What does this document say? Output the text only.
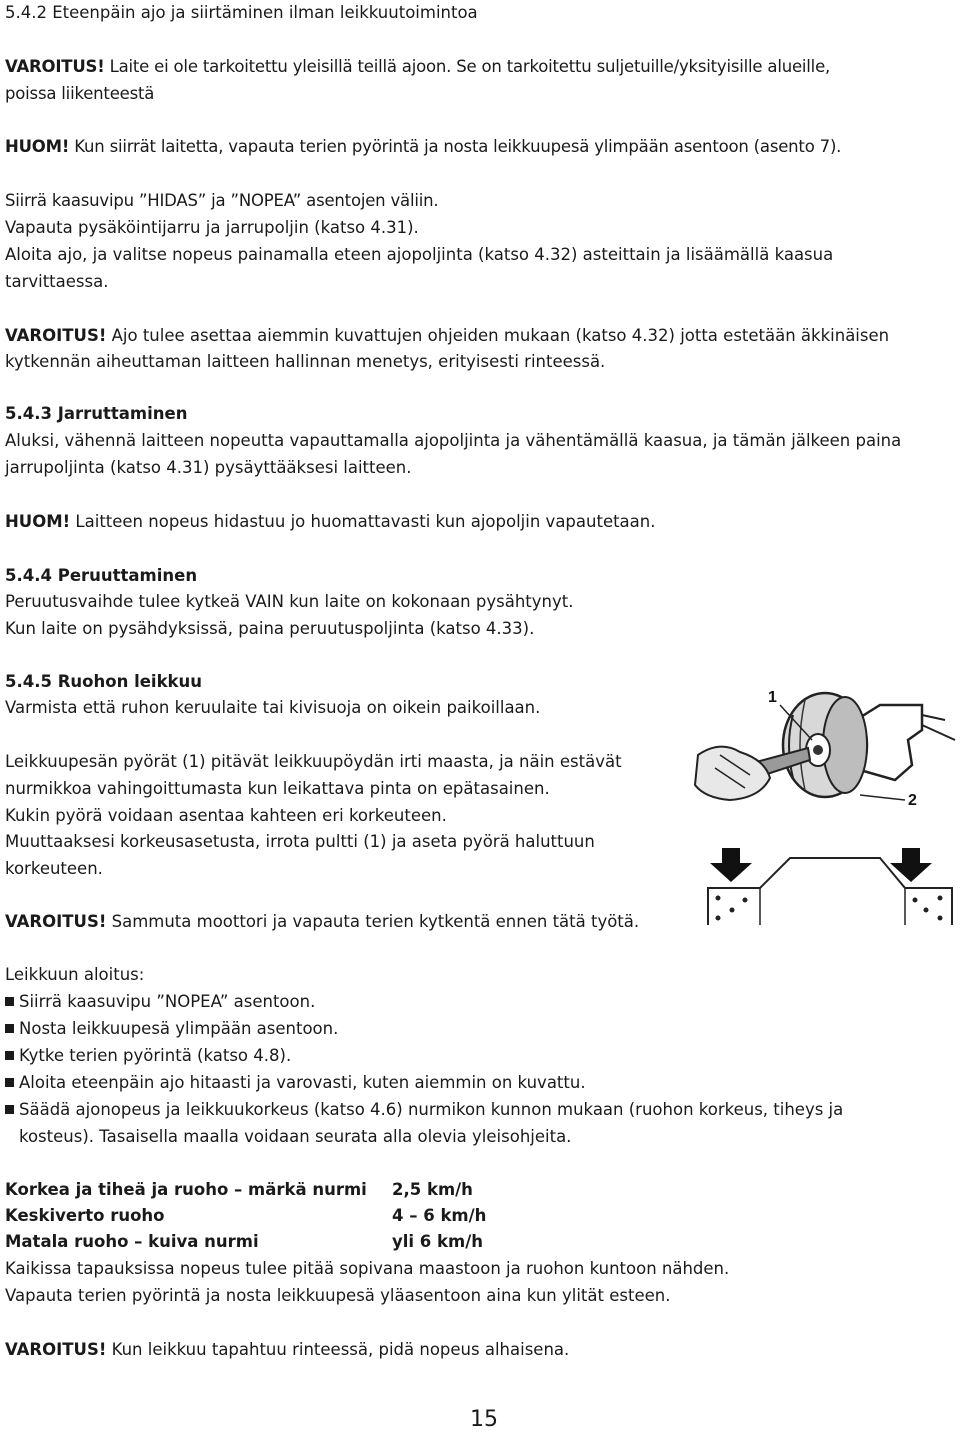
5.4.2 Eteenpäin ajo ja siirtäminen ilman leikkuutoimintoa
VAROITUS! Laite ei ole tarkoitettu yleisillä teillä ajoon. Se on tarkoitettu suljetuille/yksityisille alueille,
poissa liikenteestä
HUOM! Kun siirrät laitetta, vapauta terien pyörintä ja nosta leikkuupesä ylimpään asentoon (asento 7).
Siirrä kaasuvipu ”HIDAS” ja ”NOPEA” asentojen väliin.
Vapauta pysäköintijarru ja jarrupoljin (katso 4.31).
Aloita ajo, ja valitse nopeus painamalla eteen ajopoljinta (katso 4.32) asteittain ja lisäämällä kaasua
tarvittaessa.
VAROITUS! Ajo tulee asettaa aiemmin kuvattujen ohjeiden mukaan (katso 4.32) jotta estetään äkkinäisen
kytkennän aiheuttaman laitteen hallinnan menetys, erityisesti rinteessä.
5.4.3 Jarruttaminen
Aluksi, vähennä laitteen nopeutta vapauttamalla ajopoljinta ja vähentämällä kaasua, ja tämän jälkeen paina
jarrupoljinta (katso 4.31) pysäyttääksesi laitteen.
HUOM! Laitteen nopeus hidastuu jo huomattavasti kun ajopoljin vapautetaan.
5.4.4 Peruuttaminen
Peruutusvaihde tulee kytkeä VAIN kun laite on kokonaan pysähtynyt.
Kun laite on pysähdyksissä, paina peruutuspoljinta (katso 4.33).
5.4.5 Ruohon leikkuu
Varmista että ruhon keruulaite tai kivisuoja on oikein paikoillaan.
Leikkuupesän pyörät (1) pitävät leikkuupöydän irti maasta, ja näin estävät
nurmikkoa vahingoittumasta kun leikattava pinta on epätasainen.
Kukin pyörä voidaan asentaa kahteen eri korkeuteen.
Muuttaaksesi korkeusasetusta, irrota pultti (1) ja aseta pyörä haluttuun
korkeuteen.
VAROITUS! Sammuta moottori ja vapauta terien kytkentä ennen tätä työtä.
1
2
Leikkuun aloitus:
Siirrä kaasuvipu ”NOPEA” asentoon.
Nosta leikkuupesä ylimpään asentoon.
Kytke terien pyörintä (katso 4.8).
Aloita eteenpäin ajo hitaasti ja varovasti, kuten aiemmin on kuvattu.
Säädä ajonopeus ja leikkuukorkeus (katso 4.6) nurmikon kunnon mukaan (ruohon korkeus, tiheys ja
kosteus). Tasaisella maalla voidaan seurata alla olevia yleisohjeita.
Korkea ja tiheä ja ruoho – märkä nurmi 2,5 km/h
Keskiverto ruoho	4 – 6 km/h
Matala ruoho – kuiva nurmi	yli 6 km/h
Kaikissa tapauksissa nopeus tulee pitää sopivana maastoon ja ruohon kuntoon nähden.
Vapauta terien pyörintä ja nosta leikkuupesä yläasentoon aina kun ylität esteen.
VAROITUS! Kun leikkuu tapahtuu rinteessä, pidä nopeus alhaisena.
15
